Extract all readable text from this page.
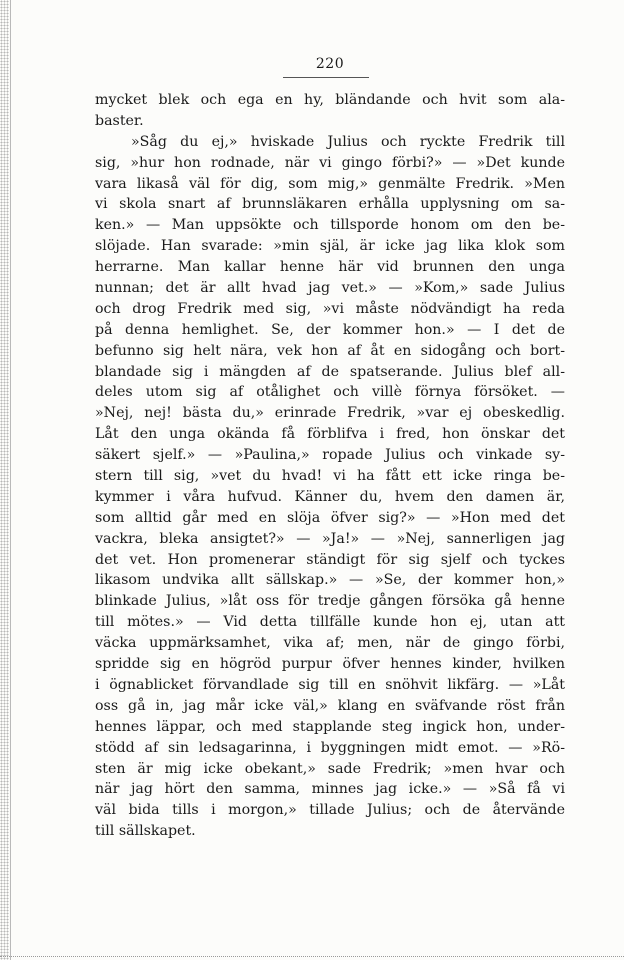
220
mycket blek och ega en hy, bländande och hvit som ala-
baster.
»Såg du ej,» hviskade Julius och ryckte Fredrik till
sig, »hur hon rodnade, när vi gingo förbi?» — »Det kunde
vara likaså väl för dig, som mig,» genmälte Fredrik. »Men
vi skola snart af brunnsläkaren erhålla upplysning om sa-
ken.» — Man uppsökte och tillsporde honom om den be-
slöjade. Han svarade: »min själ, är icke jag lika klok som
herrarne. Man kallar henne här vid brunnen den unga
nunnan; det är allt hvad jag vet.» — »Kom,» sade Julius
och drog Fredrik med sig, »vi måste nödvändigt ha reda
på denna hemlighet. Se, der kommer hon.» — I det de
befunno sig helt nära, vek hon af åt en sidogång och bort-
blandade sig i mängden af de spatserande. Julius blef all-
deles utom sig af otålighet och villè förnya försöket. —
»Nej, nej! bästa du,» erinrade Fredrik, »var ej obeskedlig.
Låt den unga okända få förblifva i fred, hon önskar det
säkert sjelf.» — »Paulina,» ropade Julius och vinkade sy-
stern till sig, »vet du hvad! vi ha fått ett icke ringa be-
kymmer i våra hufvud. Känner du, hvem den damen är,
som alltid går med en slöja öfver sig?» — »Hon med det
vackra, bleka ansigtet?» — »Ja!» — »Nej, sannerligen jag
det vet. Hon promenerar ständigt för sig sjelf och tyckes
likasom undvika allt sällskap.» — »Se, der kommer hon,»
blinkade Julius, »låt oss för tredje gången försöka gå henne
till mötes.» — Vid detta tillfälle kunde hon ej, utan att
väcka uppmärksamhet, vika af; men, när de gingo förbi,
spridde sig en högröd purpur öfver hennes kinder, hvilken
i ögnablicket förvandlade sig till en snöhvit likfärg. — »Låt
oss gå in, jag mår icke väl,» klang en sväfvande röst från
hennes läppar, och med stapplande steg ingick hon, under-
stödd af sin ledsagarinna, i byggningen midt emot. — »Rö-
sten är mig icke obekant,» sade Fredrik; »men hvar och
när jag hört den samma, minnes jag icke.» — »Så få vi
väl bida tills i morgon,» tillade Julius; och de återvände
till sällskapet.
